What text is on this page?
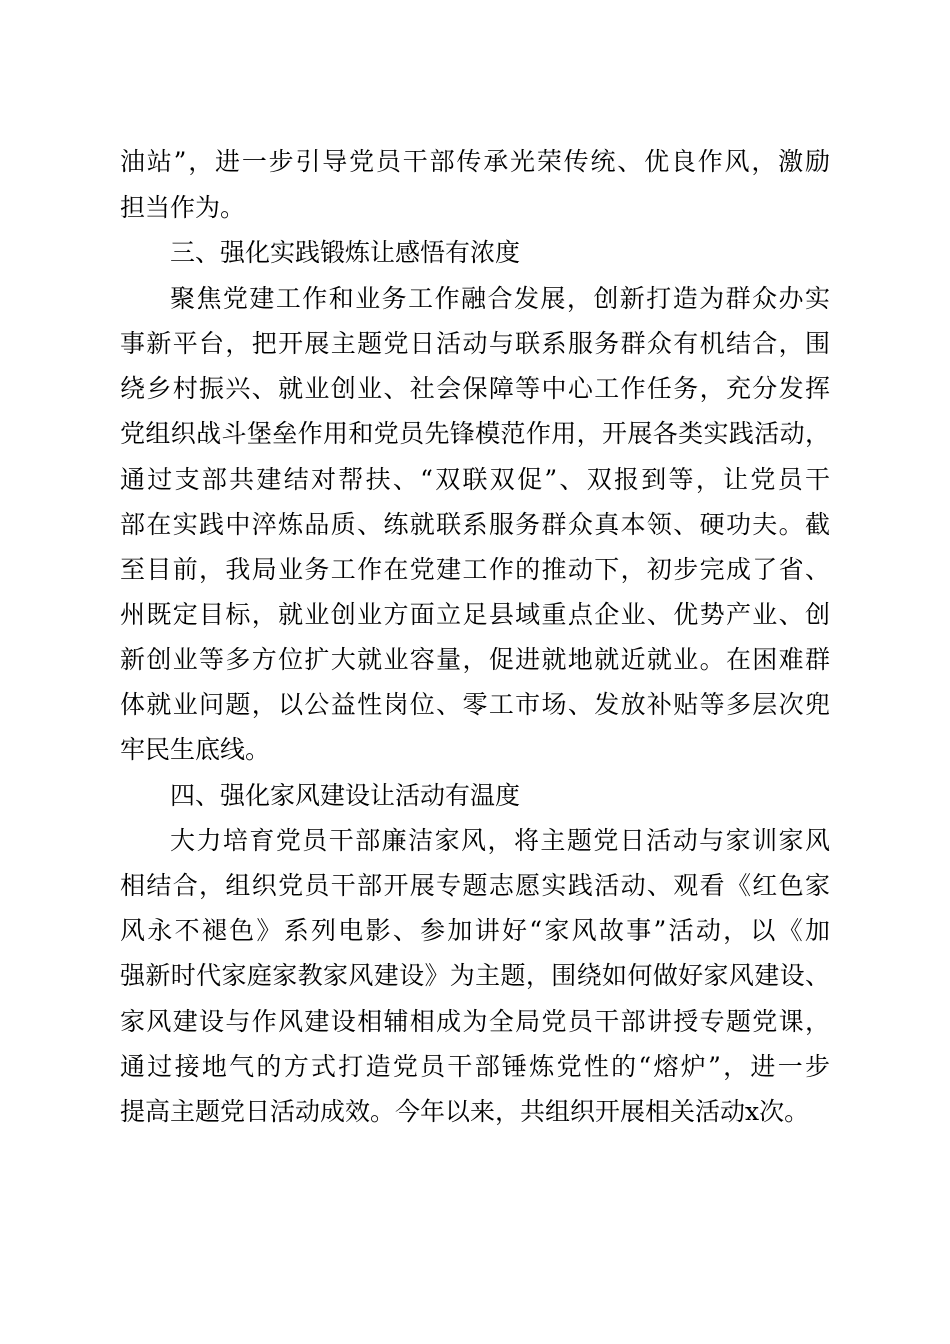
油站”，进一步引导党员干部传承光荣传统、优良作风，激励
担当作为。
三、强化实践锻炼让感悟有浓度
聚焦党建工作和业务工作融合发展，创新打造为群众办实
事新平台，把开展主题党日活动与联系服务群众有机结合，围
绕乡村振兴、就业创业、社会保障等中心工作任务，充分发挥
党组织战斗堡垒作用和党员先锋模范作用，开展各类实践活动，
通过支部共建结对帮扶、“双联双促”、双报到等，让党员干
部在实践中淬炼品质、练就联系服务群众真本领、硬功夫。截
至目前，我局业务工作在党建工作的推动下，初步完成了省、
州既定目标，就业创业方面立足县域重点企业、优势产业、创
新创业等多方位扩大就业容量，促进就地就近就业。在困难群
体就业问题，以公益性岗位、零工市场、发放补贴等多层次兜
牢民生底线。
四、强化家风建设让活动有温度
大力培育党员干部廉洁家风，将主题党日活动与家训家风
相结合，组织党员干部开展专题志愿实践活动、观看《红色家
风永不褪色》系列电影、参加讲好“家风故事”活动，以《加
强新时代家庭家教家风建设》为主题，围绕如何做好家风建设、
家风建设与作风建设相辅相成为全局党员干部讲授专题党课，
通过接地气的方式打造党员干部锤炼党性的“熔炉”，进一步
提高主题党日活动成效。今年以来，共组织开展相关活动x次。
